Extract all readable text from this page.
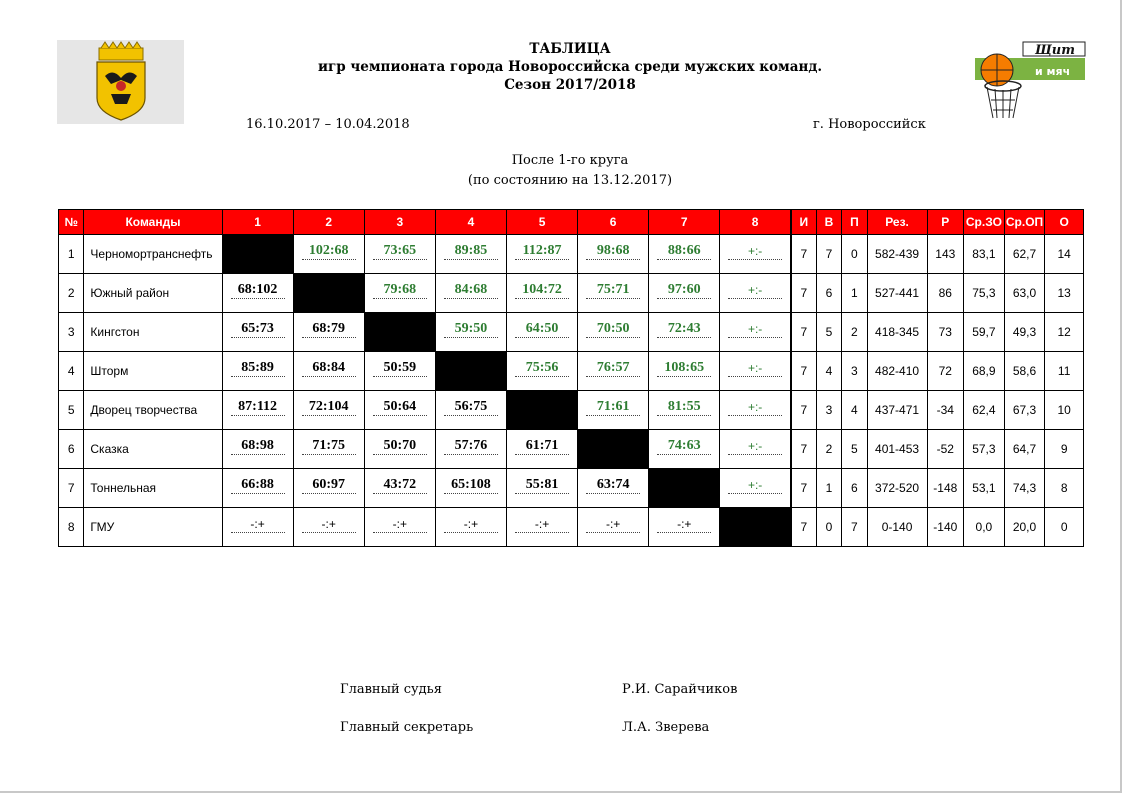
Щит
и мяч
ТАБЛИЦА
игр чемпионата города Новороссийска среди мужских команд.
Сезон 2017/2018
16.10.2017 – 10.04.2018	г. Новороссийск
После 1-го круга
(по состоянию на 13.12.2017)
№	Команды	1	2	3	4	5	6	7	8	И	В	П	Рез.	Р	Ср.ЗО	Ср.ОП	О
1	Черномортранснефть		102:68	73:65	89:85	112:87	98:68	88:66	+:-	7	7	0	582-439	143	83,1	62,7	14
2	Южный район	68:102		79:68	84:68	104:72	75:71	97:60	+:-	7	6	1	527-441	86	75,3	63,0	13
3	Кингстон	65:73	68:79		59:50	64:50	70:50	72:43	+:-	7	5	2	418-345	73	59,7	49,3	12
4	Шторм	85:89	68:84	50:59		75:56	76:57	108:65	+:-	7	4	3	482-410	72	68,9	58,6	11
5	Дворец творчества	87:112	72:104	50:64	56:75		71:61	81:55	+:-	7	3	4	437-471	-34	62,4	67,3	10
6	Сказка	68:98	71:75	50:70	57:76	61:71		74:63	+:-	7	2	5	401-453	-52	57,3	64,7	9
7	Тоннельная	66:88	60:97	43:72	65:108	55:81	63:74		+:-	7	1	6	372-520	-148	53,1	74,3	8
8	ГМУ	-:+	-:+	-:+	-:+	-:+	-:+	-:+		7	0	7	0-140	-140	0,0	20,0	0
Главный судья	Р.И. Сарайчиков
Главный секретарь	Л.А. Зверева
